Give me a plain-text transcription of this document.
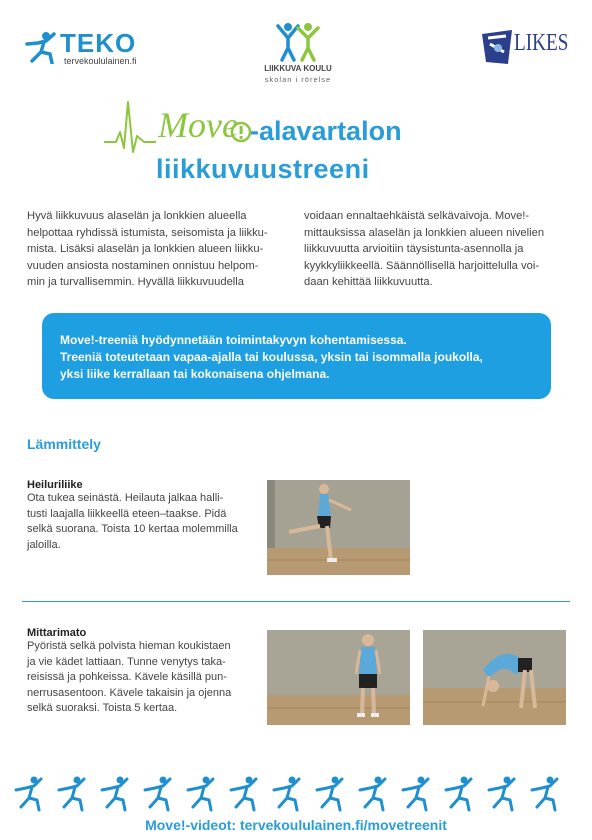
TEKO
tervekoululainen.fi
LIIKKUVA KOULU
skolan i rörelse
LIKES
Move -alavartalon
liikkuvuustreeni
Hyvä liikkuvuus alaselän ja lonkkien alueella
helpottaa ryhdissä istumista, seisomista ja liikku-
mista. Lisäksi alaselän ja lonkkien alueen liikku-
vuuden ansiosta nostaminen onnistuu helpom-
min ja turvallisemmin. Hyvällä liikkuvuudella
voidaan ennaltaehkäistä selkävaivoja. Move!-
mittauksissa alaselän ja lonkkien alueen nivelien
liikkuvuutta arvioitiin täysistunta-asennolla ja
kyykkyliikkeellä. Säännöllisellä harjoittelulla voi-
daan kehittää liikkuvuutta.

Move!-treeniä hyödynnetään toimintakyvyn kohentamisessa.
Treeniä toteutetaan vapaa-ajalla tai koulussa, yksin tai isommalla joukolla,
yksi liike kerrallaan tai kokonaisena ohjelmana.

Lämmittely
Heiluriliike
Ota tukea seinästä. Heilauta jalkaa halli-
tusti laajalla liikkeellä eteen–taakse. Pidä
selkä suorana. Toista 10 kertaa molemmilla
jaloilla.
Mittarimato
Pyöristä selkä polvista hieman koukistaen
ja vie kädet lattiaan. Tunne venytys taka-
reisissä ja pohkeissa. Kävele käsillä pun-
nerrusasentoon. Kävele takaisin ja ojenna
selkä suoraksi. Toista 5 kertaa.
Move!-videot: tervekoululainen.fi/movetreenit
